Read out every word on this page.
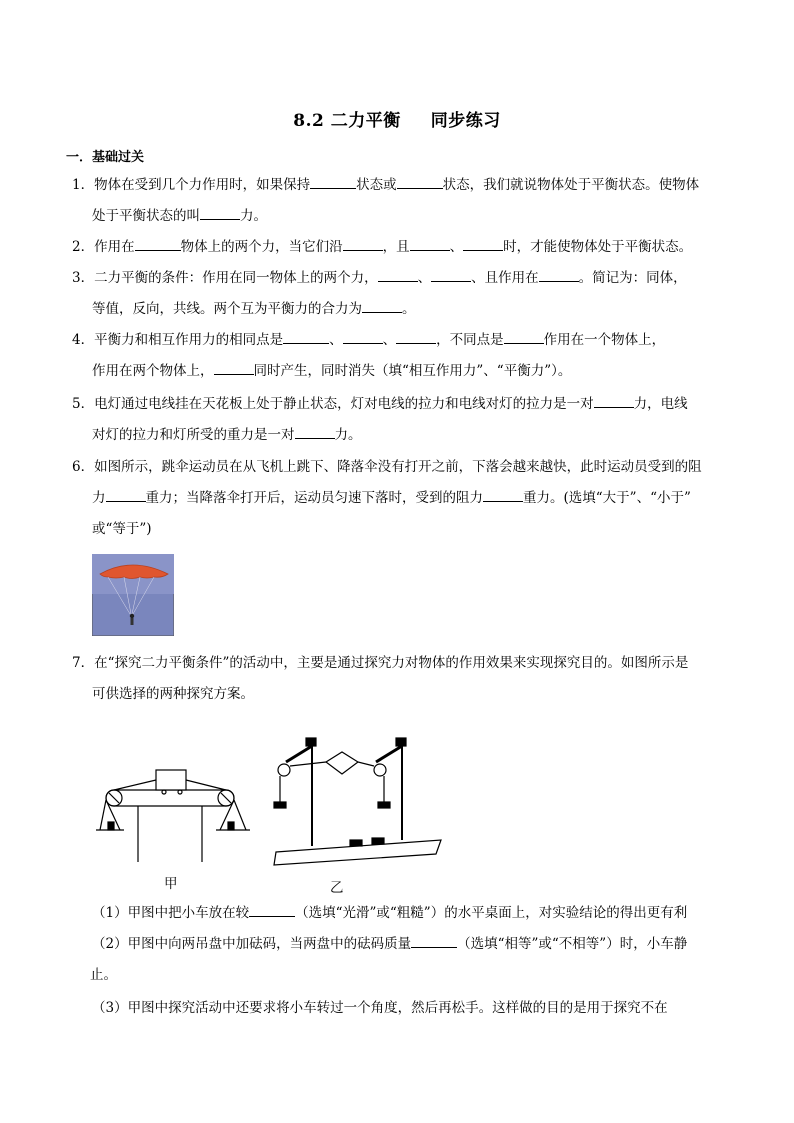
8.2 二力平衡 同步练习
一．基础过关
1．物体在受到几个力作用时，如果保持	状态或	状态，我们就说物体处于平衡状态。使物体
处于平衡状态的叫	力。
2．作用在	物体上的两个力，当它们沿	，且	、	时，才能使物体处于平衡状态。
3．二力平衡的条件：作用在同一物体上的两个力，	、	、且作用在	。简记为：同体，
等值，反向，共线。两个互为平衡力的合力为	。
4．平衡力和相互作用力的相同点是	、	、	，不同点是	作用在一个物体上，
作用在两个物体上，	同时产生，同时消失（填“相互作用力”、“平衡力”）。
5．电灯通过电线挂在天花板上处于静止状态，灯对电线的拉力和电线对灯的拉力是一对	力，电线
对灯的拉力和灯所受的重力是一对	力。
6．如图所示，跳伞运动员在从飞机上跳下、降落伞没有打开之前，下落会越来越快，此时运动员受到的阻
力	重力；当降落伞打开后，运动员匀速下落时，受到的阻力	重力。(选填“大于”、“小于”
或“等于”)
7．在“探究二力平衡条件”的活动中，主要是通过探究力对物体的作用效果来实现探究目的。如图所示是
可供选择的两种探究方案。
甲	乙
（1）甲图中把小车放在较	（选填“光滑”或“粗糙”）的水平桌面上，对实验结论的得出更有利
（2）甲图中向两吊盘中加砝码，当两盘中的砝码质量	（选填“相等”或“不相等”）时，小车静
止。
（3）甲图中探究活动中还要求将小车转过一个角度，然后再松手。这样做的目的是用于探究不在
